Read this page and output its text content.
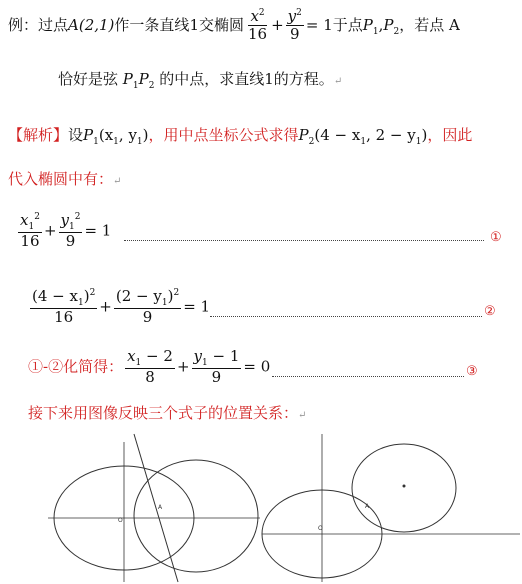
例：过点A(2,1)作一条直线1交椭圆 $\frac{x^2}{16} + \frac{y^2}{9} = 1$于点$P_1,P_2$，若点 A
恰好是弦 $P_1P_2$ 的中点，求直线1的方程。↵
【解析】设$P_1(x_1$, $y_1$)，用中点坐标公式求得$P_2(4 - x_1$, $2 - y_1$)，因此
代入椭圆中有：↵
$\frac{x_1^2}{16} + \frac{y_1^2}{9} = 1$	①
$\frac{(4 - x_1)^2}{16} + \frac{(2 - y_1)^2}{9} = 1$	②
①-②化简得： $\frac{x_1 - 2}{8} + \frac{y_1 - 1}{9} = 0$	③
接下来用图像反映三个式子的位置关系：↵
O
A
O
A
